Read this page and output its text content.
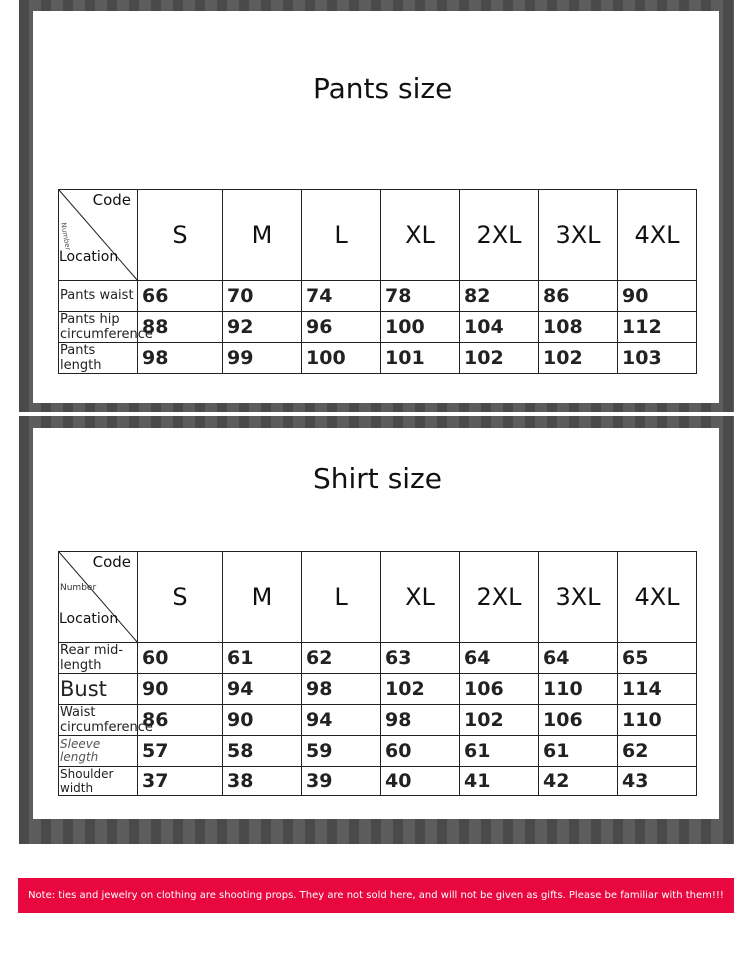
Pants size
Code
Number
Location	S	M	L	XL	2XL	3XL	4XL
Pants waist	66	70	74	78	82	86	90
Pants hip circumference	88	92	96	100	104	108	112
Pants length	98	99	100	101	102	102	103
Shirt size
Code
Number
Location	S	M	L	XL	2XL	3XL	4XL
Rear mid-length	60	61	62	63	64	64	65
Bust	90	94	98	102	106	110	114
Waist circumference	86	90	94	98	102	106	110
Sleeve length	57	58	59	60	61	61	62
Shoulder width	37	38	39	40	41	42	43
Note: ties and jewelry on clothing are shooting props. They are not sold here, and will not be given as gifts. Please be familiar with them!!!
